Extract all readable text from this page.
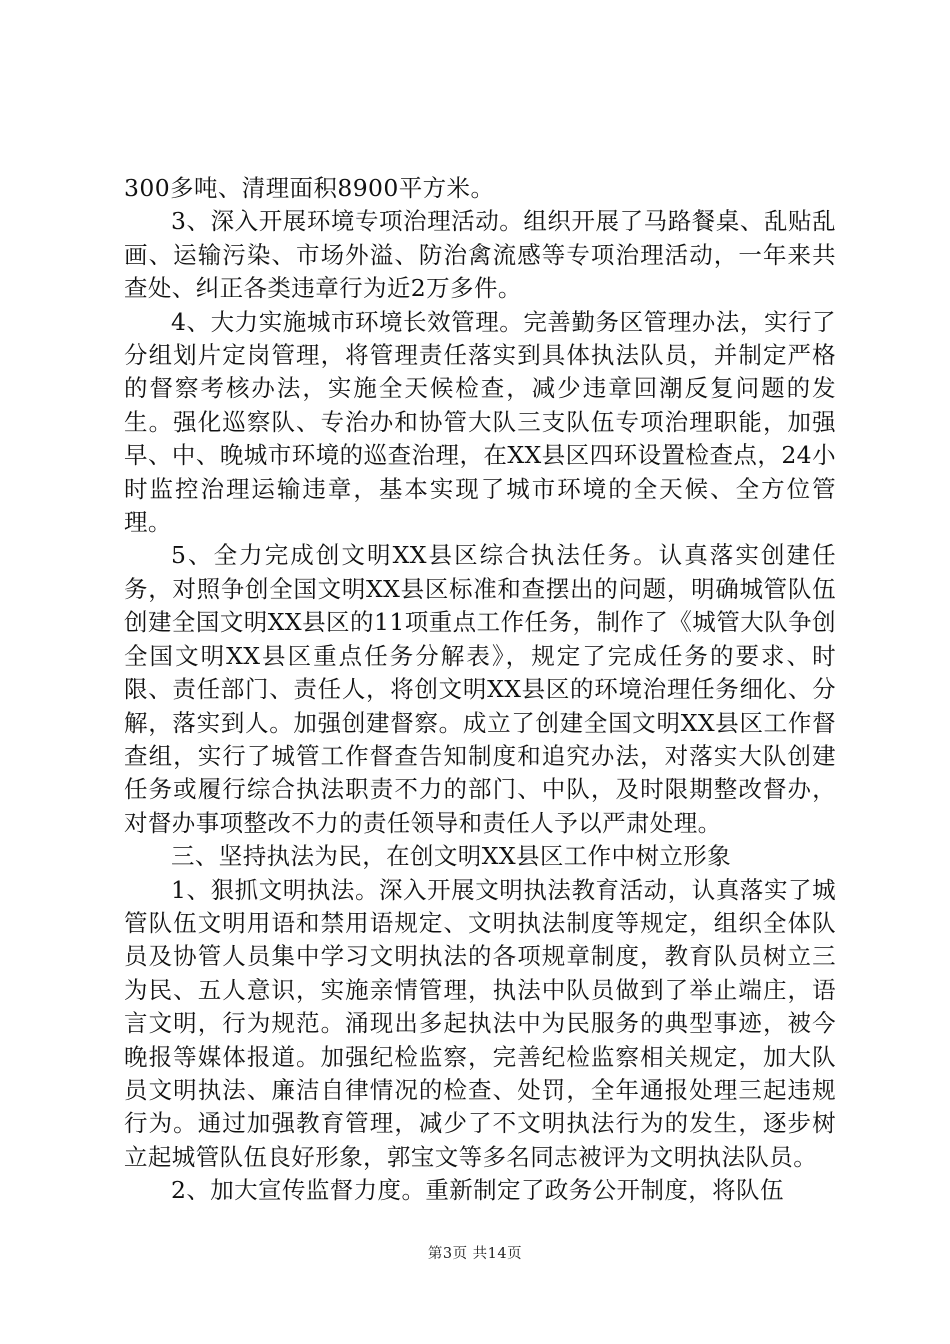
300多吨、清理面积8900平方米。

3、深入开展环境专项治理活动。组织开展了马路餐桌、乱贴乱画、运输污染、市场外溢、防治禽流感等专项治理活动，一年来共查处、纠正各类违章行为近2万多件。

4、大力实施城市环境长效管理。完善勤务区管理办法，实行了分组划片定岗管理，将管理责任落实到具体执法队员，并制定严格的督察考核办法，实施全天候检查，减少违章回潮反复问题的发生。强化巡察队、专治办和协管大队三支队伍专项治理职能，加强早、中、晚城市环境的巡查治理，在XX县区四环设置检查点，24小时监控治理运输违章，基本实现了城市环境的全天候、全方位管理。

5、全力完成创文明XX县区综合执法任务。认真落实创建任务，对照争创全国文明XX县区标准和查摆出的问题，明确城管队伍创建全国文明XX县区的11项重点工作任务，制作了《城管大队争创全国文明XX县区重点任务分解表》，规定了完成任务的要求、时限、责任部门、责任人，将创文明XX县区的环境治理任务细化、分解，落实到人。加强创建督察。成立了创建全国文明XX县区工作督查组，实行了城管工作督查告知制度和追究办法，对落实大队创建任务或履行综合执法职责不力的部门、中队，及时限期整改督办，对督办事项整改不力的责任领导和责任人予以严肃处理。

三、坚持执法为民，在创文明XX县区工作中树立形象

1、狠抓文明执法。深入开展文明执法教育活动，认真落实了城管队伍文明用语和禁用语规定、文明执法制度等规定，组织全体队员及协管人员集中学习文明执法的各项规章制度，教育队员树立三为民、五人意识，实施亲情管理，执法中队员做到了举止端庄，语言文明，行为规范。涌现出多起执法中为民服务的典型事迹，被今晚报等媒体报道。加强纪检监察，完善纪检监察相关规定，加大队员文明执法、廉洁自律情况的检查、处罚，全年通报处理三起违规行为。通过加强教育管理，减少了不文明执法行为的发生，逐步树立起城管队伍良好形象，郭宝文等多名同志被评为文明执法队员。

2、加大宣传监督力度。重新制定了政务公开制度，将队伍

第3页 共14页
